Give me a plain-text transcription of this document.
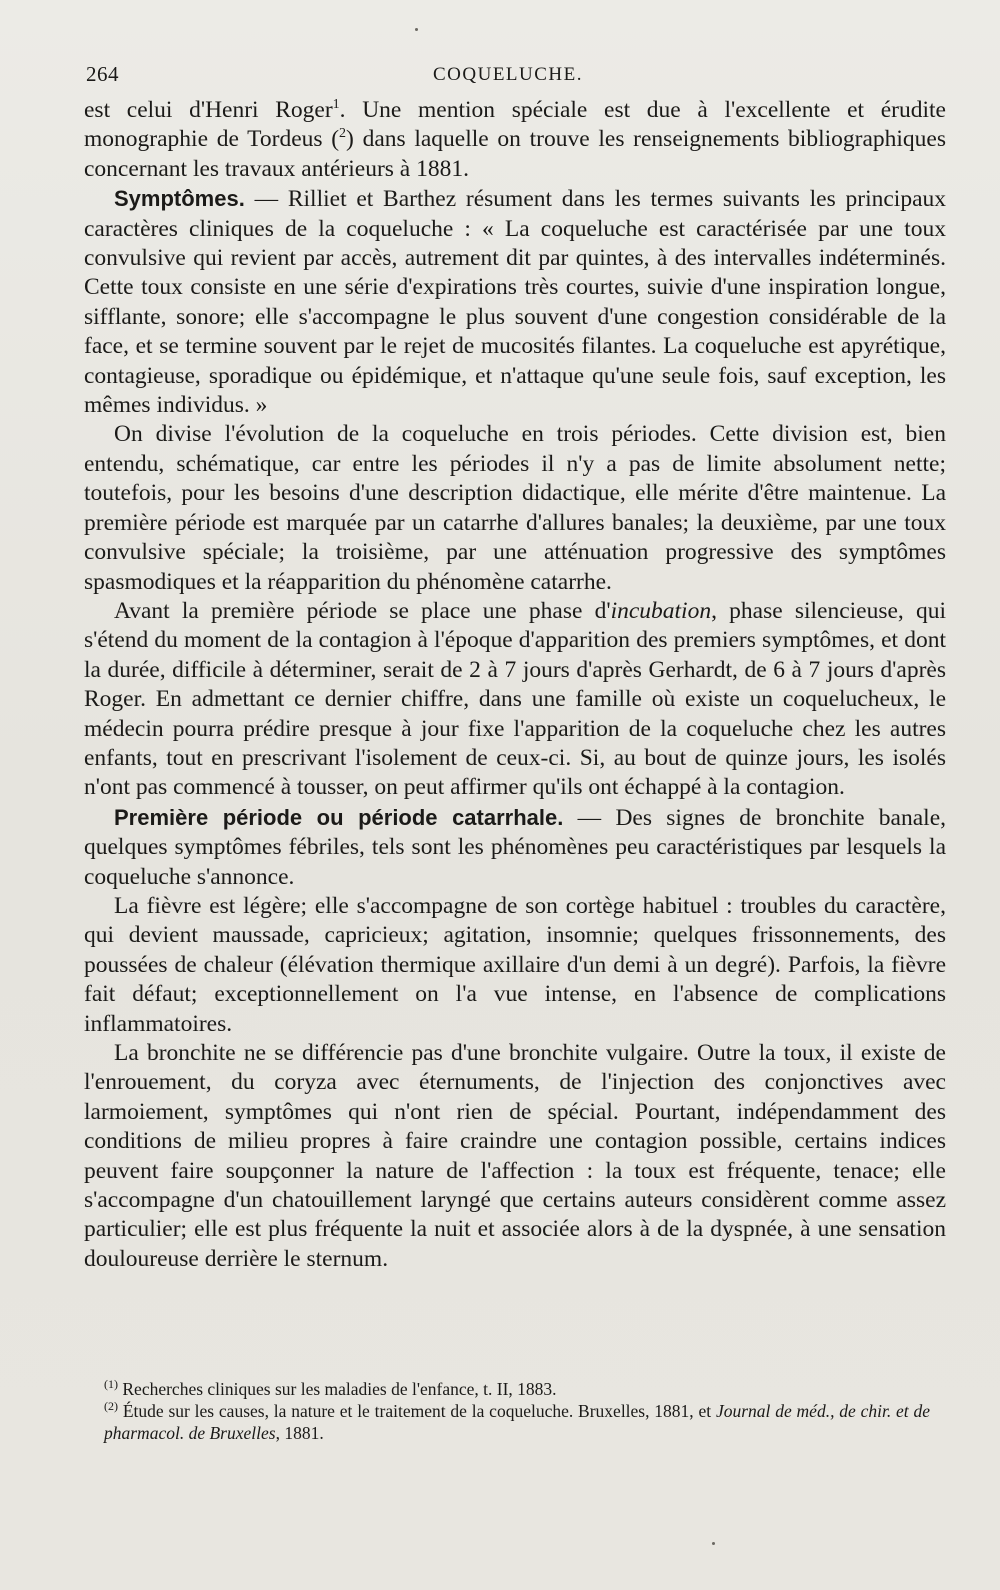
264	COQUELUCHE.

est celui d'Henri Roger$^1$. Une mention spéciale est due à l'excellente et érudite monographie de Tordeus ($^2$) dans laquelle on trouve les renseignements bibliographiques concernant les travaux antérieurs à 1881.

Symptômes. — Rilliet et Barthez résument dans les termes suivants les principaux caractères cliniques de la coqueluche : « La coqueluche est caractérisée par une toux convulsive qui revient par accès, autrement dit par quintes, à des intervalles indéterminés. Cette toux consiste en une série d'expirations très courtes, suivie d'une inspiration longue, sifflante, sonore; elle s'accompagne le plus souvent d'une congestion considérable de la face, et se termine souvent par le rejet de mucosités filantes. La coqueluche est apyrétique, contagieuse, sporadique ou épidémique, et n'attaque qu'une seule fois, sauf exception, les mêmes individus. »

On divise l'évolution de la coqueluche en trois périodes. Cette division est, bien entendu, schématique, car entre les périodes il n'y a pas de limite absolument nette; toutefois, pour les besoins d'une description didactique, elle mérite d'être maintenue. La première période est marquée par un catarrhe d'allures banales; la deuxième, par une toux convulsive spéciale; la troisième, par une atténuation progressive des symptômes spasmodiques et la réapparition du phénomène catarrhe.

Avant la première période se place une phase d'incubation, phase silencieuse, qui s'étend du moment de la contagion à l'époque d'apparition des premiers symptômes, et dont la durée, difficile à déterminer, serait de 2 à 7 jours d'après Gerhardt, de 6 à 7 jours d'après Roger. En admettant ce dernier chiffre, dans une famille où existe un coquelucheux, le médecin pourra prédire presque à jour fixe l'apparition de la coqueluche chez les autres enfants, tout en prescrivant l'isolement de ceux-ci. Si, au bout de quinze jours, les isolés n'ont pas commencé à tousser, on peut affirmer qu'ils ont échappé à la contagion.

Première période ou période catarrhale. — Des signes de bronchite banale, quelques symptômes fébriles, tels sont les phénomènes peu caractéristiques par lesquels la coqueluche s'annonce.

La fièvre est légère; elle s'accompagne de son cortège habituel : troubles du caractère, qui devient maussade, capricieux; agitation, insomnie; quelques frissonnements, des poussées de chaleur (élévation thermique axillaire d'un demi à un degré). Parfois, la fièvre fait défaut; exceptionnellement on l'a vue intense, en l'absence de complications inflammatoires.

La bronchite ne se différencie pas d'une bronchite vulgaire. Outre la toux, il existe de l'enrouement, du coryza avec éternuments, de l'injection des conjonctives avec larmoiement, symptômes qui n'ont rien de spécial. Pourtant, indépendamment des conditions de milieu propres à faire craindre une contagion possible, certains indices peuvent faire soupçonner la nature de l'affection : la toux est fréquente, tenace; elle s'accompagne d'un chatouillement laryngé que certains auteurs considèrent comme assez particulier; elle est plus fréquente la nuit et associée alors à de la dyspnée, à une sensation douloureuse derrière le sternum.

$^{(1)}$ Recherches cliniques sur les maladies de l'enfance, t. II, 1883.

$^{(2)}$ Étude sur les causes, la nature et le traitement de la coqueluche. Bruxelles, 1881, et Journal de méd., de chir. et de pharmacol. de Bruxelles, 1881.
